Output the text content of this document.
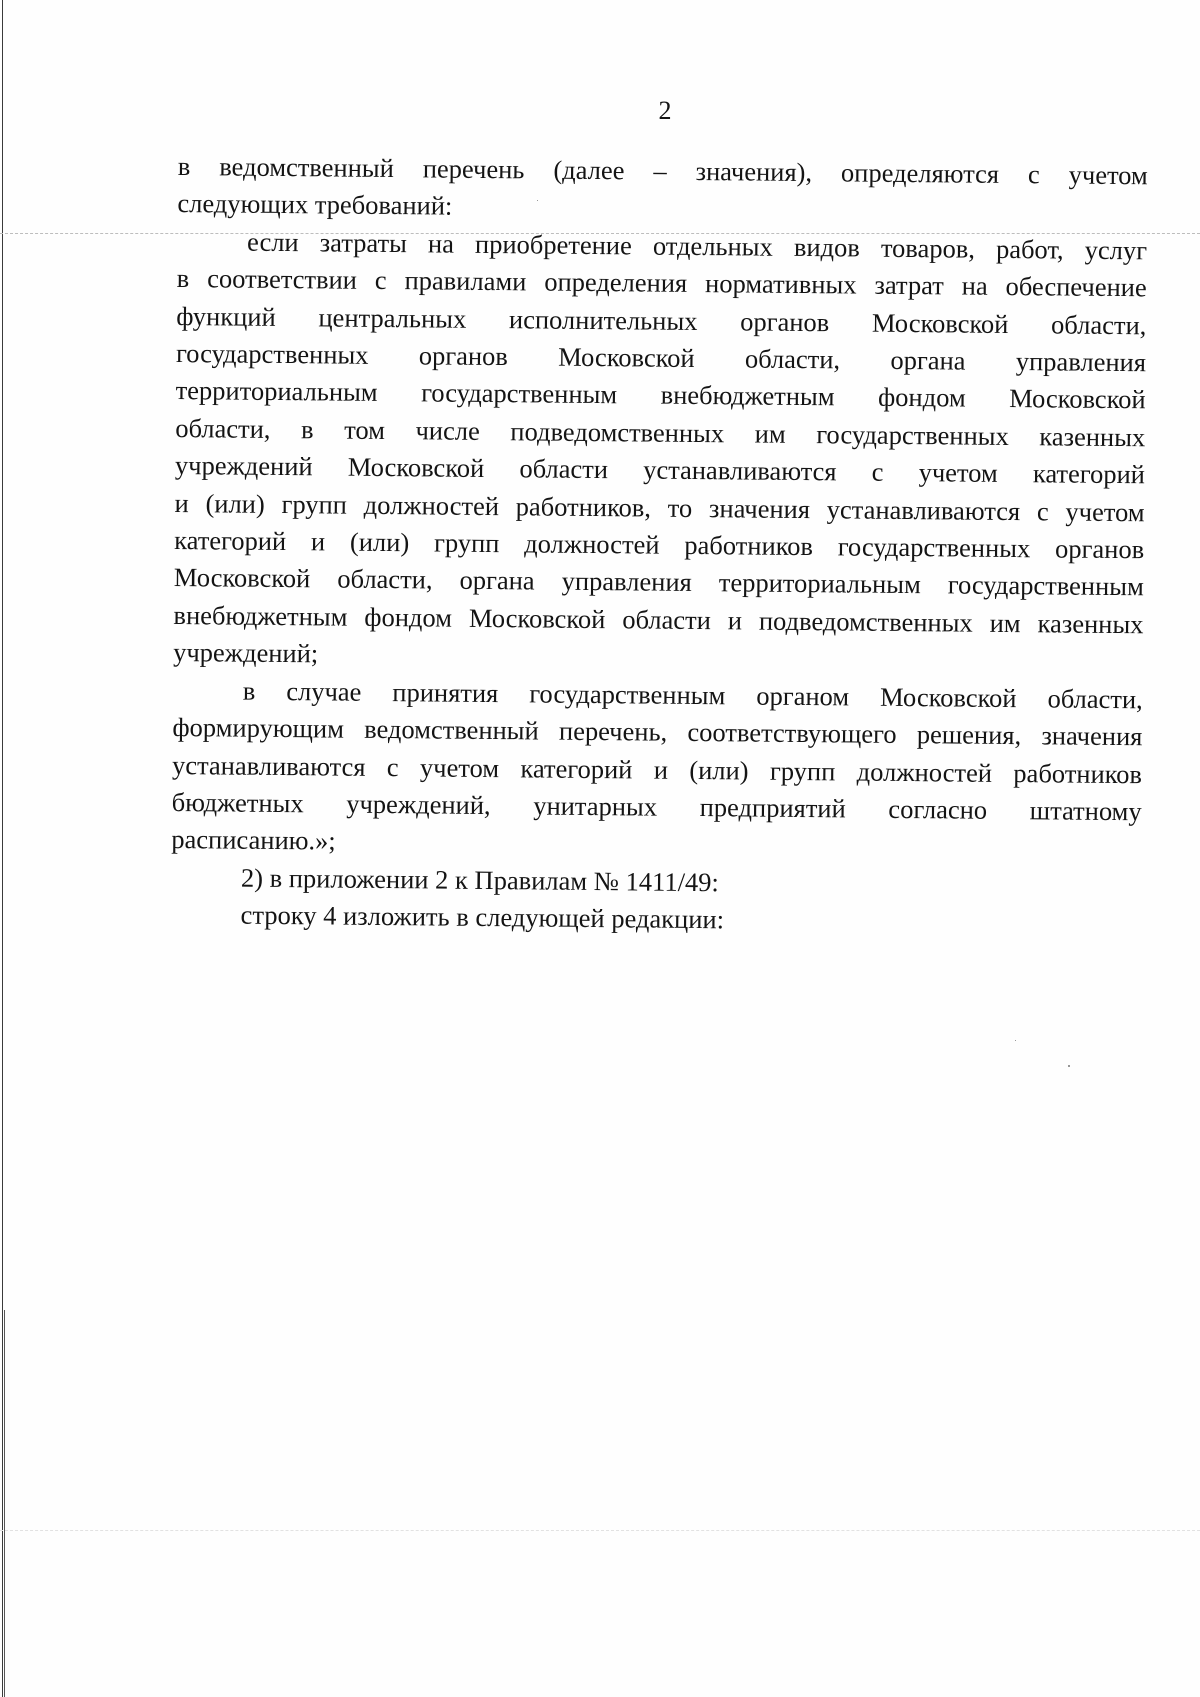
2

в ведомственный перечень (далее – значения), определяются с учетом
следующих требований:

если затраты на приобретение отдельных видов товаров, работ, услуг
в соответствии с правилами определения нормативных затрат на обеспечение
функций центральных исполнительных органов Московской области,
государственных органов Московской области, органа управления
территориальным государственным внебюджетным фондом Московской
области, в том числе подведомственных им государственных казенных
учреждений Московской области устанавливаются с учетом категорий
и (или) групп должностей работников, то значения устанавливаются с учетом
категорий и (или) групп должностей работников государственных органов
Московской области, органа управления территориальным государственным
внебюджетным фондом Московской области и подведомственных им казенных
учреждений;

в случае принятия государственным органом Московской области,
формирующим ведомственный перечень, соответствующего решения, значения
устанавливаются с учетом категорий и (или) групп должностей работников
бюджетных учреждений, унитарных предприятий согласно штатному
расписанию.»;

2) в приложении 2 к Правилам № 1411/49:

строку 4 изложить в следующей редакции:
